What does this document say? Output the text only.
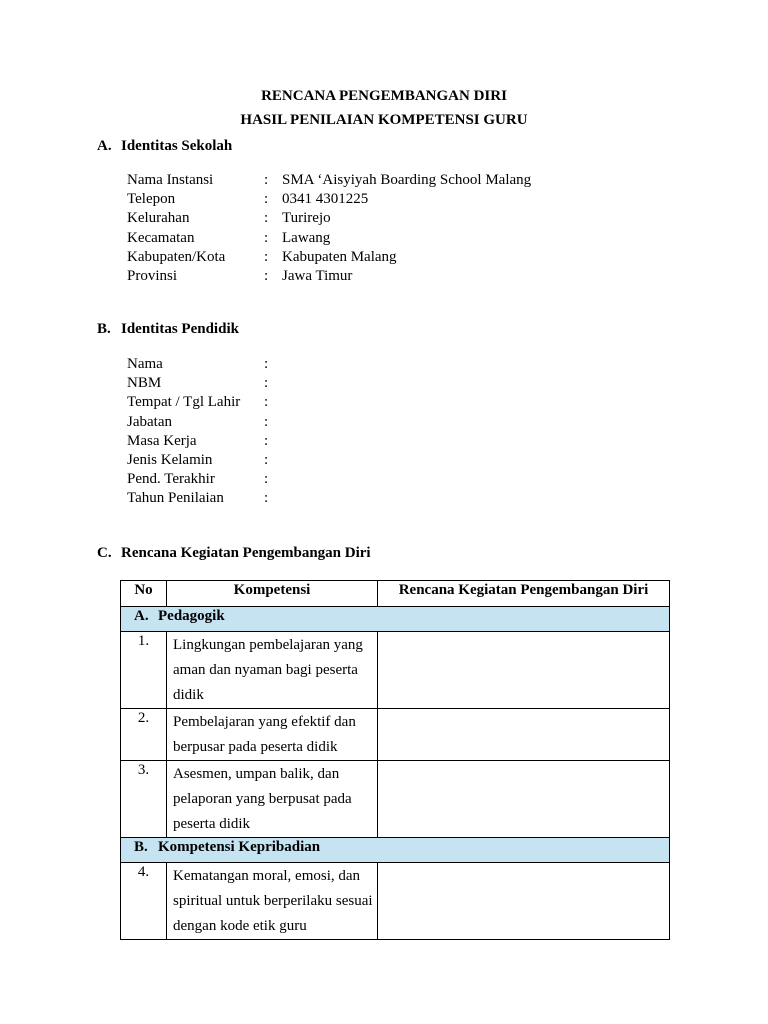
RENCANA PENGEMBANGAN DIRI
HASIL PENILAIAN KOMPETENSI GURU
A. Identitas Sekolah
Nama Instansi	: SMA ‘Aisyiyah Boarding School Malang
Telepon	: 0341 4301225
Kelurahan	: Turirejo
Kecamatan	: Lawang
Kabupaten/Kota	: Kabupaten Malang
Provinsi	: Jawa Timur
B. Identitas Pendidik
Nama	:
NBM	:
Tempat / Tgl Lahir :
Jabatan	:
Masa Kerja	:
Jenis Kelamin	:
Pend. Terakhir	:
Tahun Penilaian	:
C. Rencana Kegiatan Pengembangan Diri
No	Kompetensi	Rencana Kegiatan Pengembangan Diri
A. Pedagogik		
1.	Lingkungan pembelajaran yang aman dan nyaman bagi peserta didik	
2.	Pembelajaran yang efektif dan berpusar pada peserta didik	
3.	Asesmen, umpan balik, dan pelaporan yang berpusat pada peserta didik	
B. Kompetensi Kepribadian		
4.	Kematangan moral, emosi, dan spiritual untuk berperilaku sesuai dengan kode etik guru	
